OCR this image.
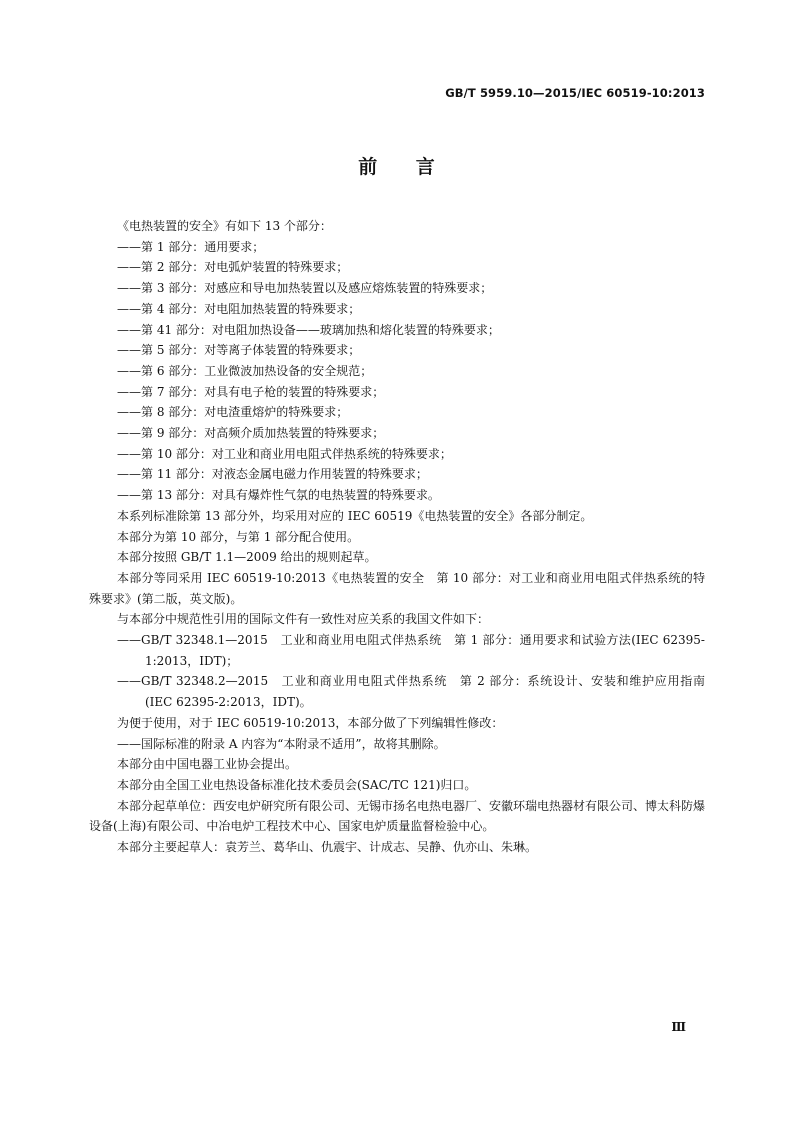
GB/T 5959.10—2015/IEC 60519-10:2013
前 言

《电热装置的安全》有如下 13 个部分：

——第 1 部分：通用要求；

——第 2 部分：对电弧炉装置的特殊要求；

——第 3 部分：对感应和导电加热装置以及感应熔炼装置的特殊要求；

——第 4 部分：对电阻加热装置的特殊要求；

——第 41 部分：对电阻加热设备——玻璃加热和熔化装置的特殊要求；

——第 5 部分：对等离子体装置的特殊要求；

——第 6 部分：工业微波加热设备的安全规范；

——第 7 部分：对具有电子枪的装置的特殊要求；

——第 8 部分：对电渣重熔炉的特殊要求；

——第 9 部分：对高频介质加热装置的特殊要求；

——第 10 部分：对工业和商业用电阻式伴热系统的特殊要求；

——第 11 部分：对液态金属电磁力作用装置的特殊要求；

——第 13 部分：对具有爆炸性气氛的电热装置的特殊要求。

本系列标准除第 13 部分外，均采用对应的 IEC 60519《电热装置的安全》各部分制定。

本部分为第 10 部分，与第 1 部分配合使用。

本部分按照 GB/T 1.1—2009 给出的规则起草。

本部分等同采用 IEC 60519-10:2013《电热装置的安全　第 10 部分：对工业和商业用电阻式伴热系统的特殊要求》(第二版，英文版)。

与本部分中规范性引用的国际文件有一致性对应关系的我国文件如下：

——GB/T 32348.1—2015　工业和商业用电阻式伴热系统　第 1 部分：通用要求和试验方法(IEC 62395-1:2013，IDT)；

——GB/T 32348.2—2015　工业和商业用电阻式伴热系统　第 2 部分：系统设计、安装和维护应用指南(IEC 62395-2:2013，IDT)。

为便于使用，对于 IEC 60519-10:2013，本部分做了下列编辑性修改：

——国际标准的附录 A 内容为“本附录不适用”，故将其删除。

本部分由中国电器工业协会提出。

本部分由全国工业电热设备标准化技术委员会(SAC/TC 121)归口。

本部分起草单位：西安电炉研究所有限公司、无锡市扬名电热电器厂、安徽环瑞电热器材有限公司、博太科防爆设备(上海)有限公司、中冶电炉工程技术中心、国家电炉质量监督检验中心。

本部分主要起草人：袁芳兰、葛华山、仇震宇、计成志、吴静、仇亦山、朱琳。

Ⅲ
